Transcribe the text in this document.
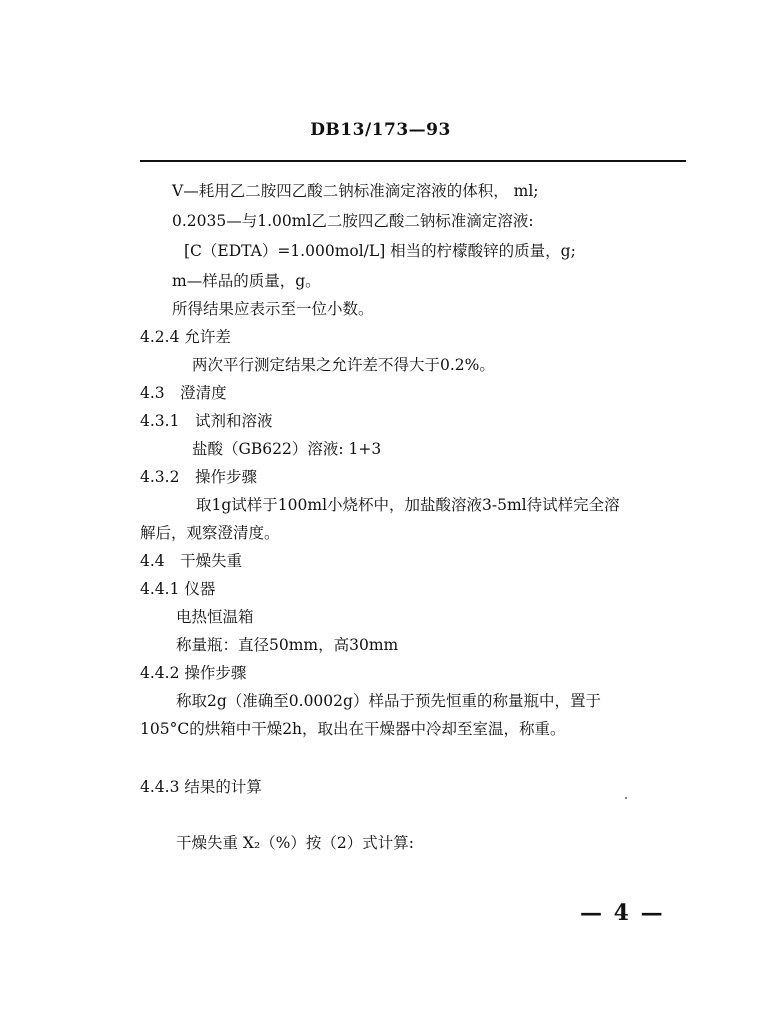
DB13/173—93
V—耗用乙二胺四乙酸二钠标准滴定溶液的体积， ml;
0.2035—与1.00ml乙二胺四乙酸二钠标准滴定溶液:
[C（EDTA）=1.000mol/L] 相当的柠檬酸锌的质量，g;
m—样品的质量，g。
所得结果应表示至一位小数。
4.2.4 允许差
两次平行测定结果之允许差不得大于0.2%。
4.3　澄清度
4.3.1　试剂和溶液
盐酸（GB622）溶液: 1+3
4.3.2　操作步骤
取1g试样于100ml小烧杯中，加盐酸溶液3-5ml待试样完全溶
解后，观察澄清度。
4.4　干燥失重
4.4.1 仪器
电热恒温箱
称量瓶：直径50mm，高30mm
4.4.2 操作步骤
称取2g（准确至0.0002g）样品于预先恒重的称量瓶中，置于
105°C的烘箱中干燥2h，取出在干燥器中冷却至室温，称重。
4.4.3 结果的计算
干燥失重 X₂（%）按（2）式计算:
— 4 —
